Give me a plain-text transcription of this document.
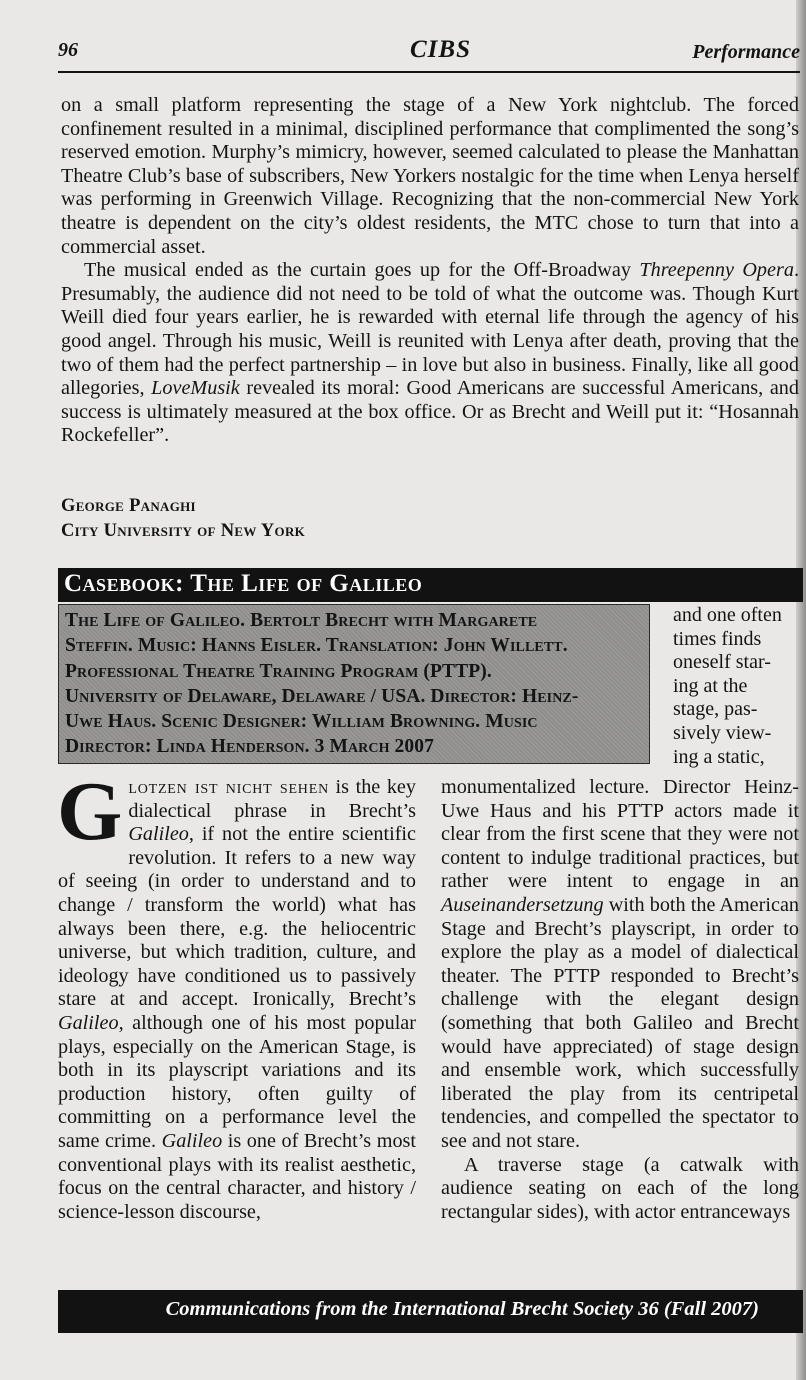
96	CIBS	Performance

on a small platform representing the stage of a New York nightclub. The forced confinement resulted in a minimal, disciplined performance that complimented the song’s reserved emotion. Murphy’s mimicry, however, seemed calculated to please the Manhattan Theatre Club’s base of subscribers, New Yorkers nostalgic for the time when Lenya herself was performing in Greenwich Village. Recognizing that the non-commercial New York theatre is dependent on the city’s oldest residents, the MTC chose to turn that into a commercial asset.

The musical ended as the curtain goes up for the Off-Broadway Threepenny Opera. Presumably, the audience did not need to be told of what the outcome was. Though Kurt Weill died four years earlier, he is rewarded with eternal life through the agency of his good angel. Through his music, Weill is reunited with Lenya after death, proving that the two of them had the perfect partnership – in love but also in business. Finally, like all good allegories, LoveMusik revealed its moral: Good Americans are successful Americans, and success is ultimately measured at the box office. Or as Brecht and Weill put it: “Hosannah Rockefeller”.

George Panaghi
City University of New York
Casebook: The Life of Galileo
The Life of Galileo. Bertolt Brecht with Margarete
Steffin. Music: Hanns Eisler. Translation: John Willett.
Professional Theatre Training Program (PTTP).
University of Delaware, Delaware / USA. Director: Heinz-
Uwe Haus. Scenic Designer: William Browning. Music
Director: Linda Henderson. 3 March 2007
and one often
times finds
oneself star-
ing at the
stage, pas-
sively view-
ing a static,

Glotzen ist nicht sehen is the key dialectical phrase in Brecht’s Galileo, if not the entire scientific revolution. It refers to a new way of seeing (in order to understand and to change / transform the world) what has always been there, e.g. the heliocentric universe, but which tradition, culture, and ideology have conditioned us to passively stare at and accept. Ironically, Brecht’s Galileo, although one of his most popular plays, especially on the American Stage, is both in its playscript variations and its production history, often guilty of committing on a performance level the same crime. Galileo is one of Brecht’s most conventional plays with its realist aesthetic, focus on the central character, and history / science-lesson discourse,

monumentalized lecture. Director Heinz-Uwe Haus and his PTTP actors made it clear from the first scene that they were not content to indulge traditional practices, but rather were intent to engage in an Auseinandersetzung with both the American Stage and Brecht’s playscript, in order to explore the play as a model of dialectical theater. The PTTP responded to Brecht’s challenge with the elegant design (something that both Galileo and Brecht would have appreciated) of stage design and ensemble work, which successfully liberated the play from its centripetal tendencies, and compelled the spectator to see and not stare.

A traverse stage (a catwalk with audience seating on each of the long rectangular sides), with actor entranceways

Communications from the International Brecht Society 36 (Fall 2007)
